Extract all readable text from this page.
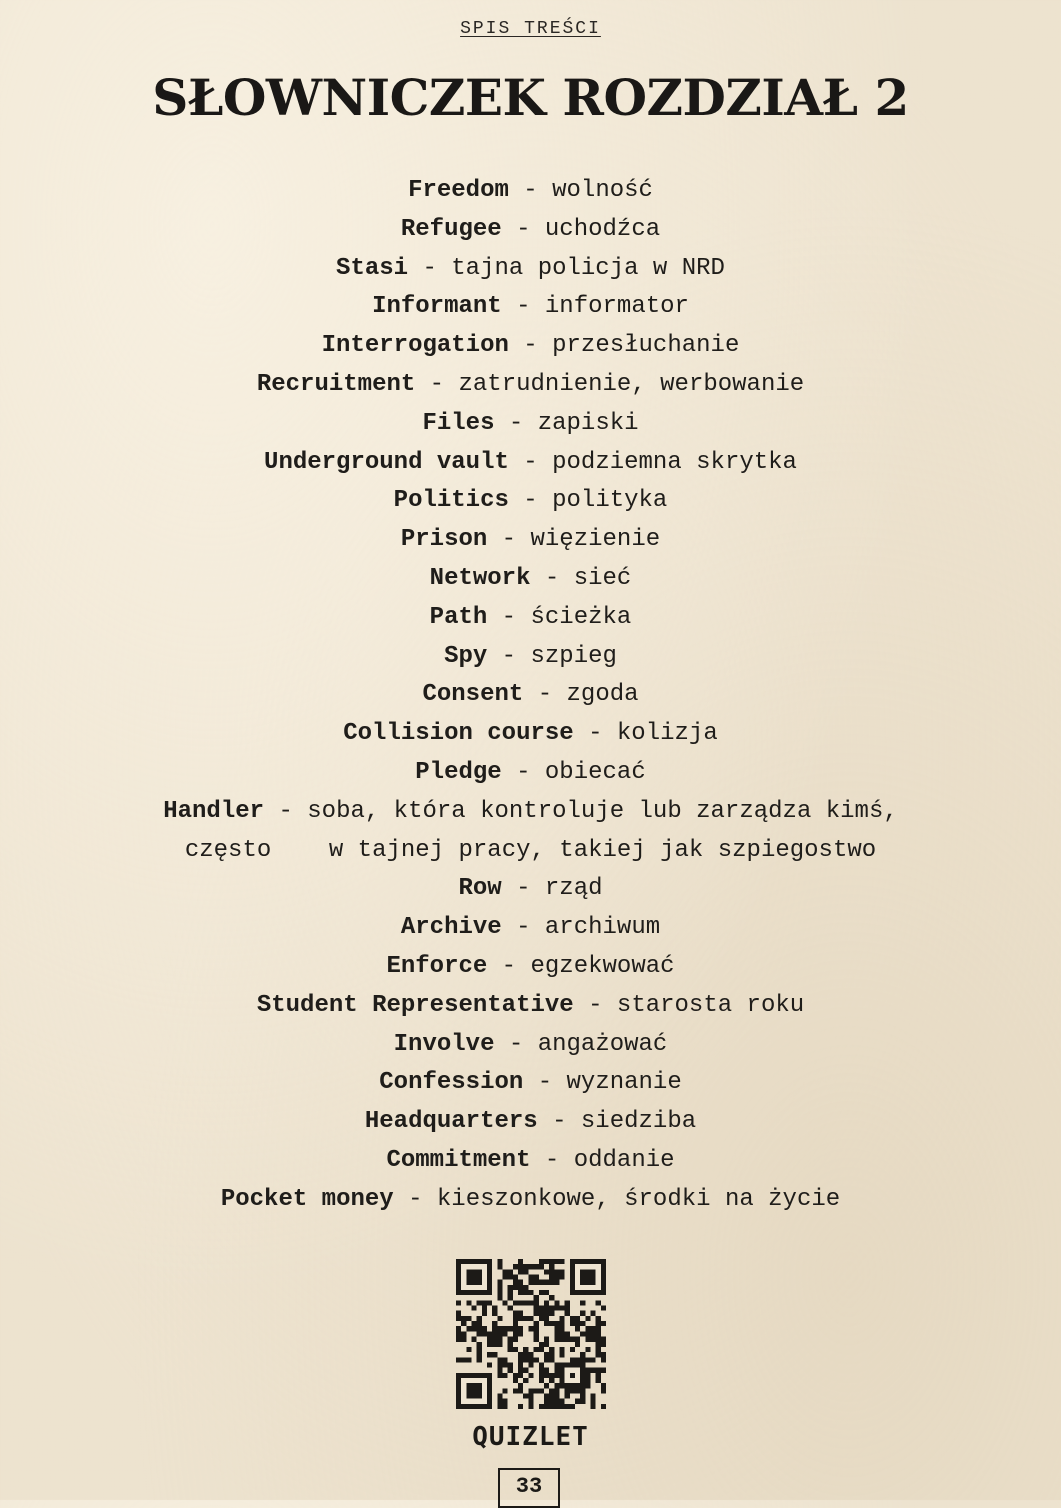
SPIS TREŚCI
SŁOWNICZEK ROZDZIAŁ 2
Freedom - wolność
Refugee - uchodźca
Stasi - tajna policja w NRD
Informant - informator
Interrogation - przesłuchanie
Recruitment - zatrudnienie, werbowanie
Files - zapiski
Underground vault - podziemna skrytka
Politics - polityka
Prison - więzienie
Network - sieć
Path - ścieżka
Spy - szpieg
Consent - zgoda
Collision course - kolizja
Pledge - obiecać
Handler - soba, która kontroluje lub zarządza kimś,
często    w tajnej pracy, takiej jak szpiegostwo
Row - rząd
Archive - archiwum
Enforce - egzekwować
Student Representative - starosta roku
Involve - angażować
Confession - wyznanie
Headquarters - siedziba
Commitment - oddanie
Pocket money - kieszonkowe, środki na życie
QUIZLET
33
